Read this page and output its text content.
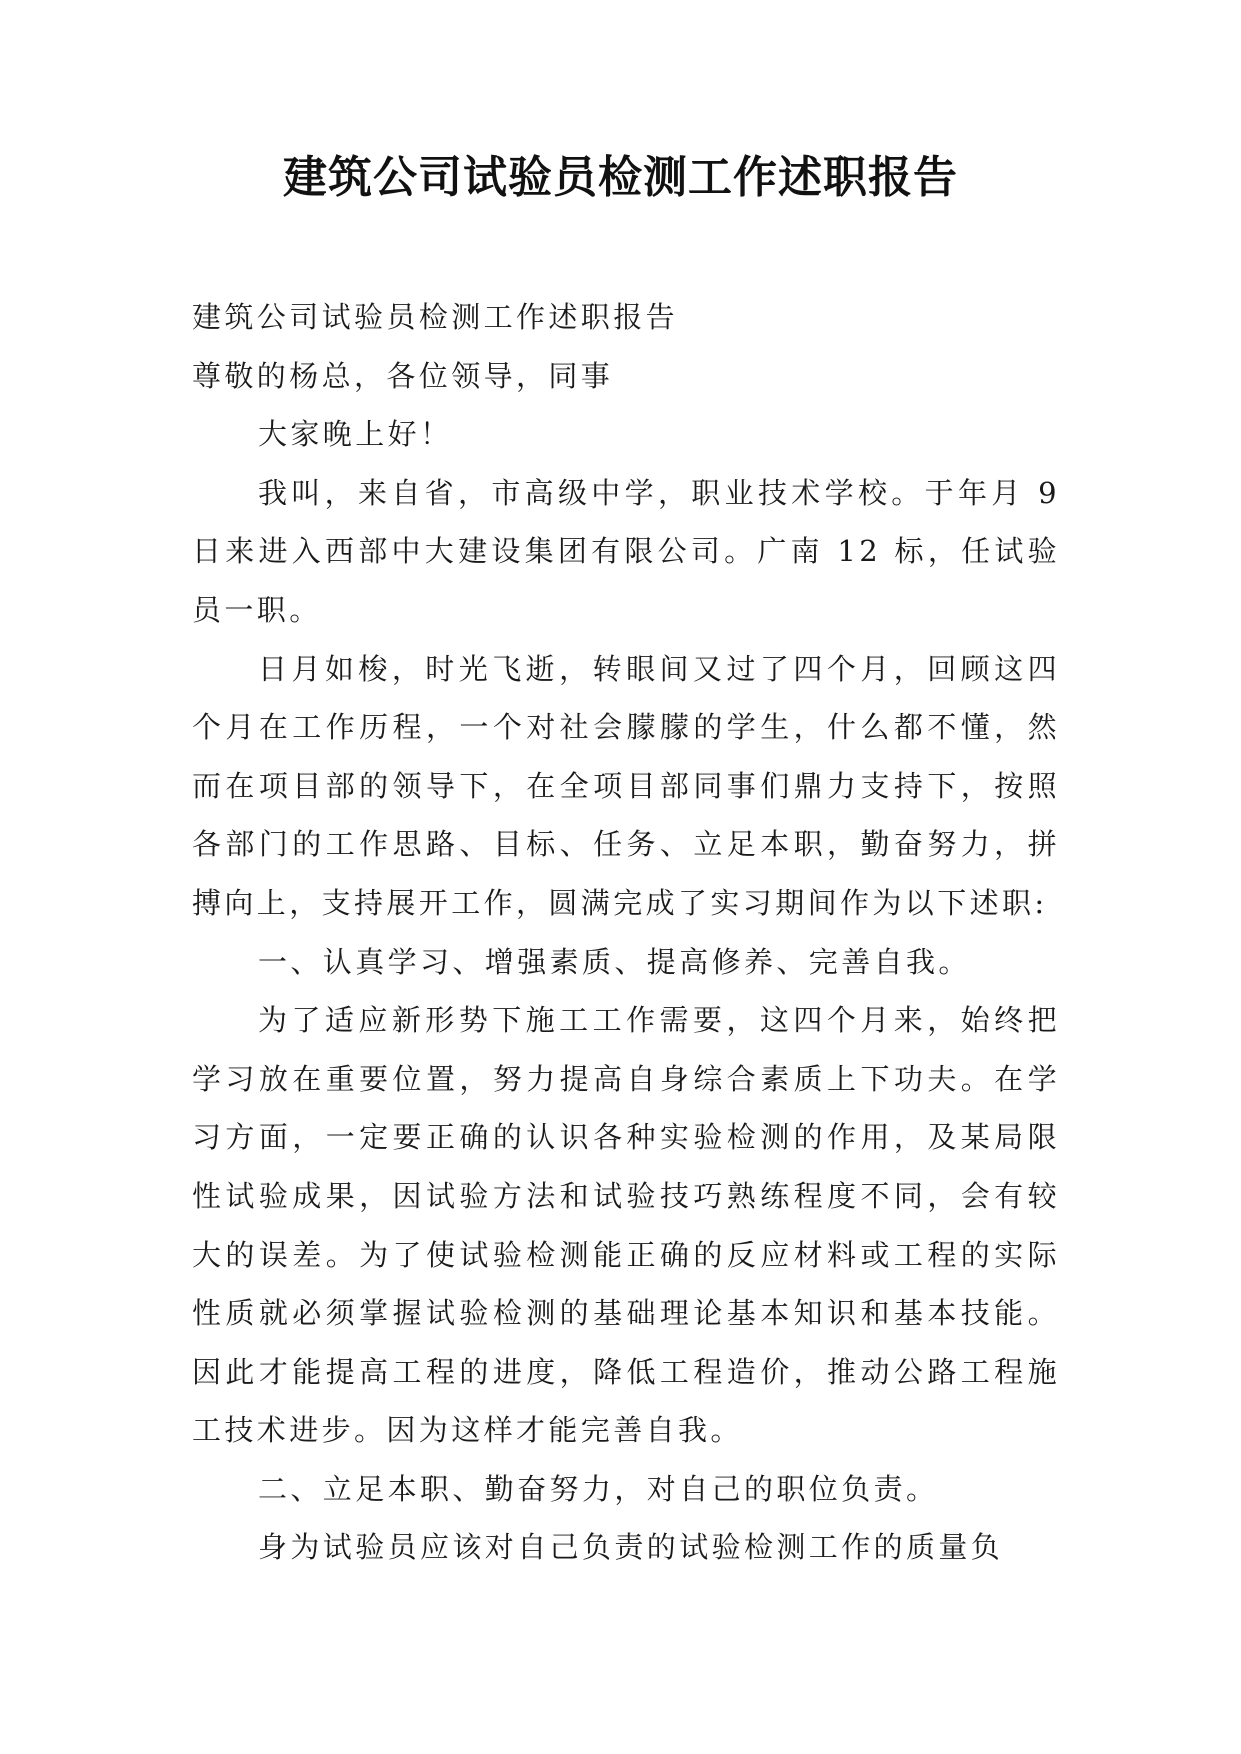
建筑公司试验员检测工作述职报告

建筑公司试验员检测工作述职报告

尊敬的杨总，各位领导，同事

大家晚上好！

我叫，来自省，市高级中学，职业技术学校。于年月 9 日来进入西部中大建设集团有限公司。广南 12 标，任试验员一职。

日月如梭，时光飞逝，转眼间又过了四个月，回顾这四个月在工作历程，一个对社会朦朦的学生，什么都不懂，然而在项目部的领导下，在全项目部同事们鼎力支持下，按照各部门的工作思路、目标、任务、立足本职，勤奋努力，拼搏向上，支持展开工作，圆满完成了实习期间作为以下述职:

一、认真学习、增强素质、提高修养、完善自我。

为了适应新形势下施工工作需要，这四个月来，始终把学习放在重要位置，努力提高自身综合素质上下功夫。在学习方面，一定要正确的认识各种实验检测的作用，及某局限性试验成果，因试验方法和试验技巧熟练程度不同，会有较大的误差。为了使试验检测能正确的反应材料或工程的实际性质就必须掌握试验检测的基础理论基本知识和基本技能。因此才能提高工程的进度，降低工程造价，推动公路工程施工技术进步。因为这样才能完善自我。

二、立足本职、勤奋努力，对自己的职位负责。

身为试验员应该对自己负责的试验检测工作的质量负
